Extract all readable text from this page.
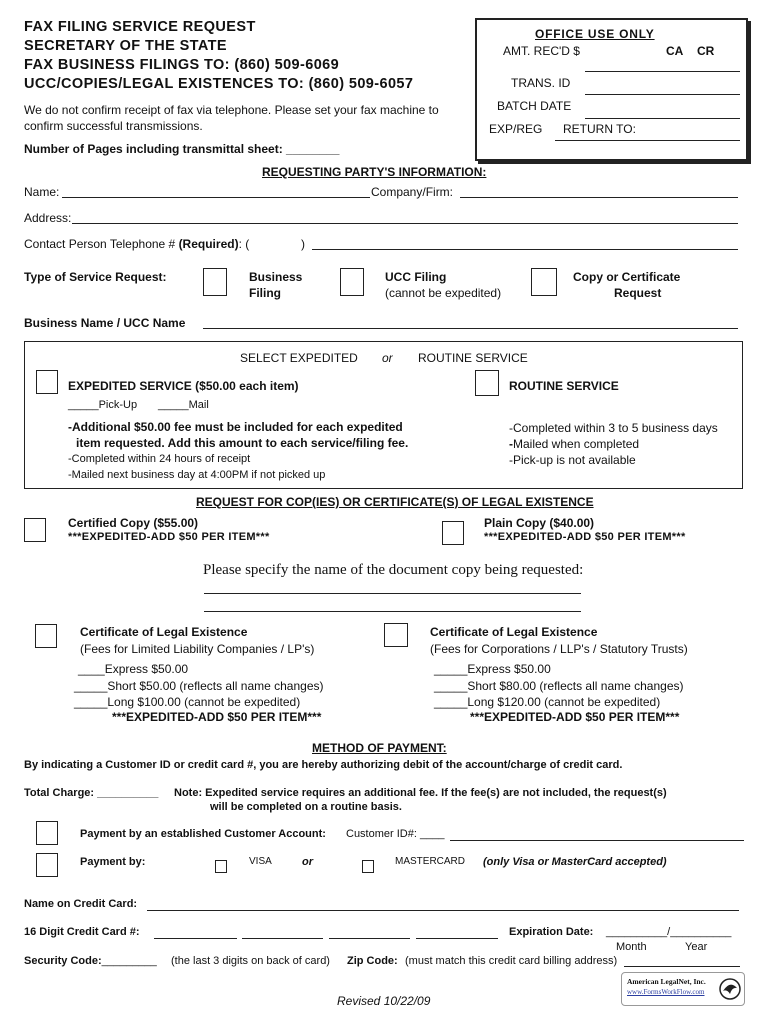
FAX FILING SERVICE REQUEST
SECRETARY OF THE STATE
FAX BUSINESS FILINGS TO: (860) 509-6069
UCC/COPIES/LEGAL EXISTENCES TO: (860) 509-6057
We do not confirm receipt of fax via telephone. Please set your fax machine to
confirm successful transmissions.
Number of Pages including transmittal sheet: ________
OFFICE USE ONLY
AMT. REC'D $	CA CR
TRANS. ID
BATCH DATE
EXP/REG RETURN TO:
REQUESTING PARTY'S INFORMATION:
Name:	Company/Firm:
Address:
Contact Person Telephone # (Required): (	)
Type of Service Request:	Business
Filing
UCC Filing
(cannot be expedited)
Copy or Certificate
Request
Business Name / UCC Name
SELECT EXPEDITED or ROUTINE SERVICE
EXPEDITED SERVICE ($50.00 each item)
_____Pick-Up _____Mail
-Additional $50.00 fee must be included for each expedited
item requested. Add this amount to each service/filing fee.
-Completed within 24 hours of receipt
-Mailed next business day at 4:00PM if not picked up
ROUTINE SERVICE
-Completed within 3 to 5 business days
-Mailed when completed
-Pick-up is not available
REQUEST FOR COP(IES) OR CERTIFICATE(S) OF LEGAL EXISTENCE
Certified Copy ($55.00)
***EXPEDITED-ADD $50 PER ITEM***
Plain Copy ($40.00)
***EXPEDITED-ADD $50 PER ITEM***
Please specify the name of the document copy being requested:
Certificate of Legal Existence
(Fees for Limited Liability Companies / LP's)
____Express $50.00
_____Short $50.00 (reflects all name changes)
_____Long $100.00 (cannot be expedited)
***EXPEDITED-ADD $50 PER ITEM***
Certificate of Legal Existence
(Fees for Corporations / LLP's / Statutory Trusts)
_____Express $50.00
_____Short $80.00 (reflects all name changes)
_____Long $120.00 (cannot be expedited)
***EXPEDITED-ADD $50 PER ITEM***
METHOD OF PAYMENT:
By indicating a Customer ID or credit card #, you are hereby authorizing debit of the account/charge of credit card.
Total Charge: __________ Note: Expedited service requires an additional fee. If the fee(s) are not included, the request(s)
will be completed on a routine basis.
Payment by an established Customer Account: Customer ID#: ____
Payment by:	VISA	or	MASTERCARD (only Visa or MasterCard accepted)
Name on Credit Card:
16 Digit Credit Card #:	Expiration Date: __________/__________
Month	Year
Security Code:_________ (the last 3 digits on back of card) Zip Code: (must match this credit card billing address)
Revised 10/22/09
American LegalNet, Inc.
www.FormsWorkFlow.com
